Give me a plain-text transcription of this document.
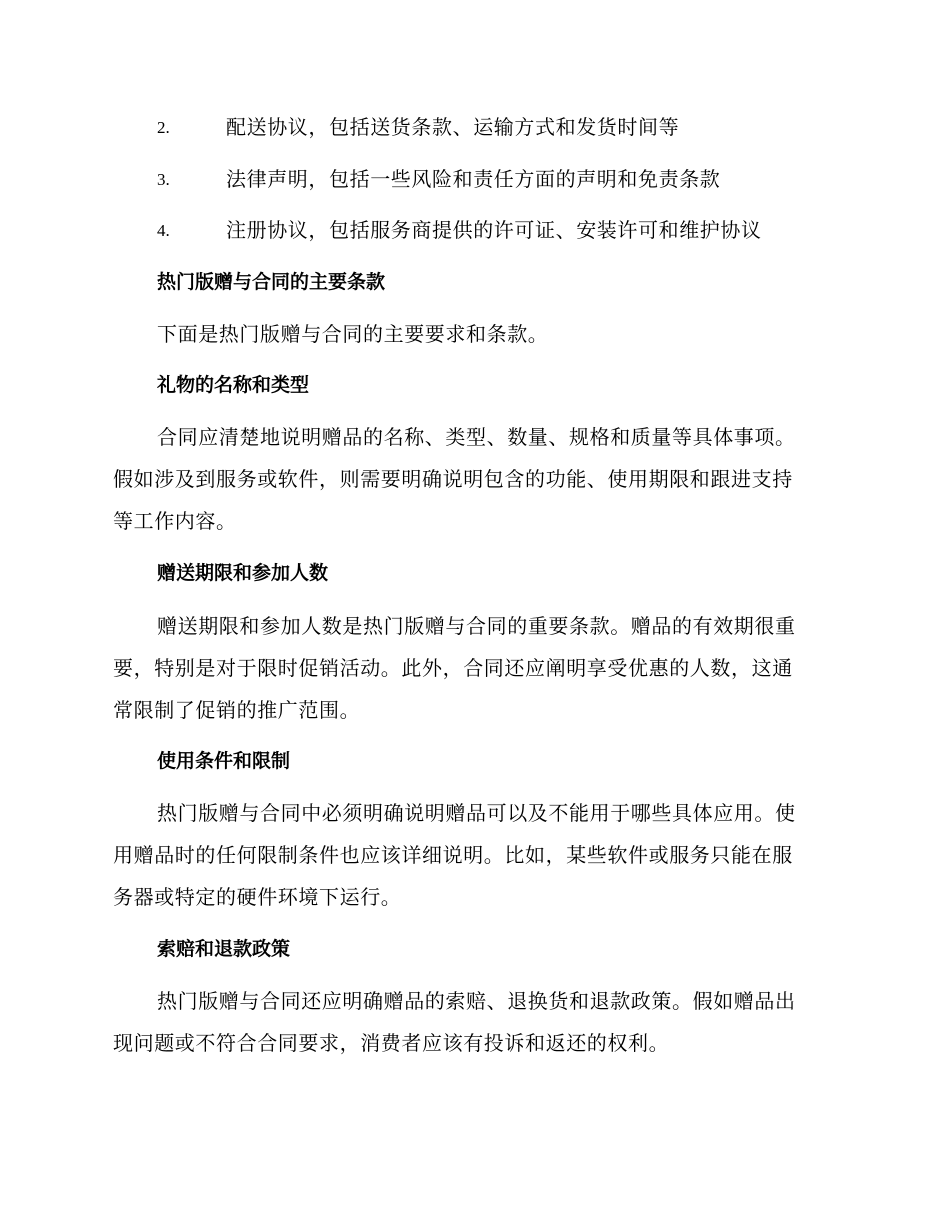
2.	配送协议，包括送货条款、运输方式和发货时间等
3.	法律声明，包括一些风险和责任方面的声明和免责条款
4.	注册协议，包括服务商提供的许可证、安装许可和维护协议
热门版赠与合同的主要条款
下面是热门版赠与合同的主要要求和条款。
礼物的名称和类型
合同应清楚地说明赠品的名称、类型、数量、规格和质量等具体事项。
假如涉及到服务或软件，则需要明确说明包含的功能、使用期限和跟进支持
等工作内容。
赠送期限和参加人数
赠送期限和参加人数是热门版赠与合同的重要条款。赠品的有效期很重
要，特别是对于限时促销活动。此外，合同还应阐明享受优惠的人数，这通
常限制了促销的推广范围。
使用条件和限制
热门版赠与合同中必须明确说明赠品可以及不能用于哪些具体应用。使
用赠品时的任何限制条件也应该详细说明。比如，某些软件或服务只能在服
务器或特定的硬件环境下运行。
索赔和退款政策
热门版赠与合同还应明确赠品的索赔、退换货和退款政策。假如赠品出
现问题或不符合合同要求，消费者应该有投诉和返还的权利。
